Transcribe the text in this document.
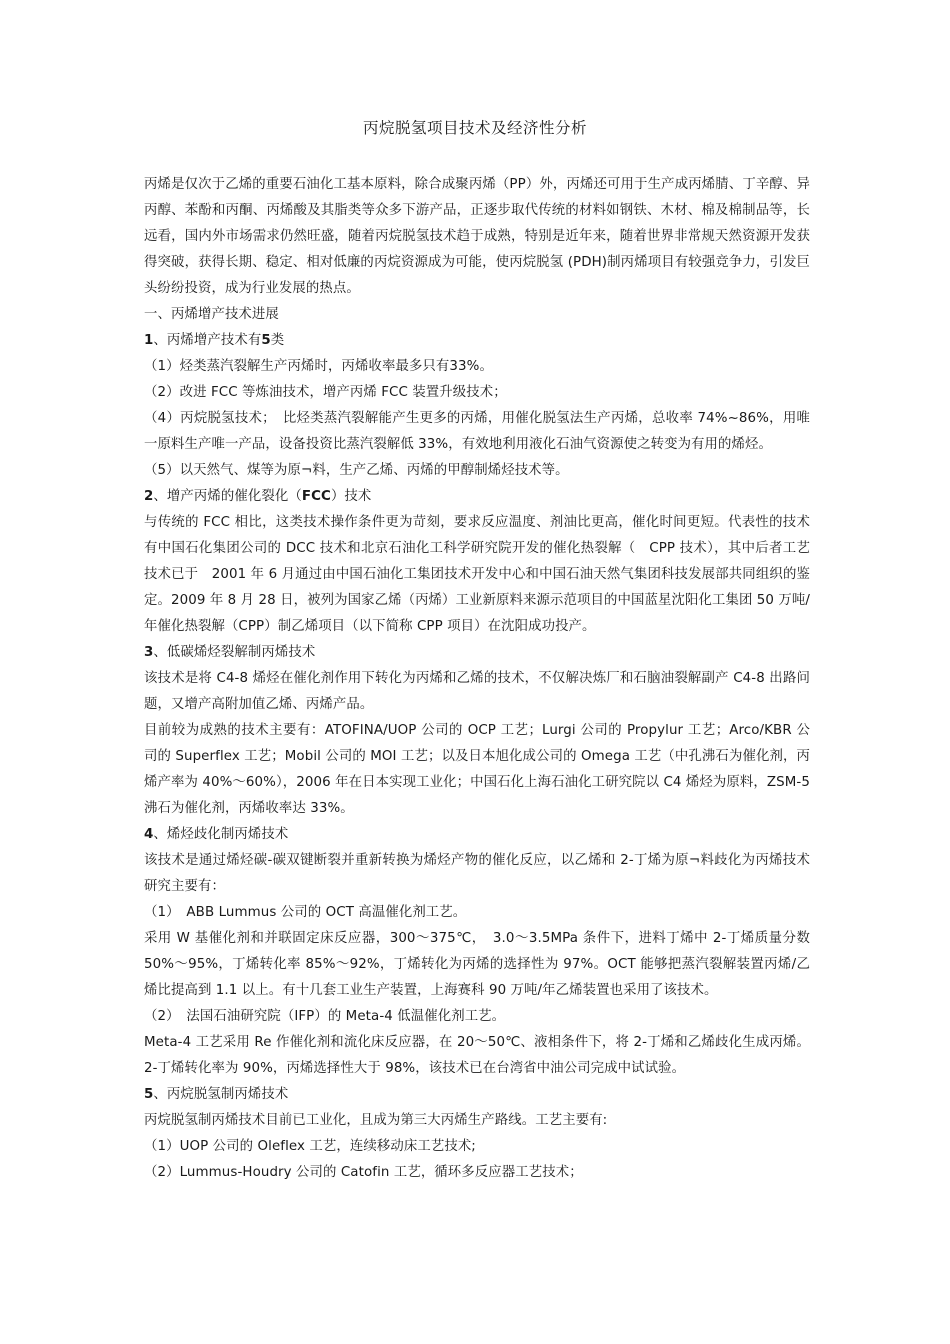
丙烷脱氢项目技术及经济性分析

丙烯是仅次于乙烯的重要石油化工基本原料，除合成聚丙烯（PP）外，丙烯还可用于生产成丙烯腈、丁辛醇、异丙醇、苯酚和丙酮、丙烯酸及其脂类等众多下游产品，正逐步取代传统的材料如钢铁、木材、棉及棉制品等，长远看，国内外市场需求仍然旺盛，随着丙烷脱氢技术趋于成熟，特别是近年来，随着世界非常规天然资源开发获得突破，获得长期、稳定、相对低廉的丙烷资源成为可能，使丙烷脱氢 (PDH)制丙烯项目有较强竞争力，引发巨头纷纷投资，成为行业发展的热点。

一、丙烯增产技术进展

1、丙烯增产技术有5类

（1）烃类蒸汽裂解生产丙烯时，丙烯收率最多只有33%。

（2）改进 FCC 等炼油技术，增产丙烯 FCC 装置升级技术；

（4）丙烷脱氢技术；　比烃类蒸汽裂解能产生更多的丙烯，用催化脱氢法生产丙烯，总收率 74%~86%，用唯一原料生产唯一产品，设备投资比蒸汽裂解低 33%，有效地利用液化石油气资源使之转变为有用的烯烃。

（5）以天然气、煤等为原¬料，生产乙烯、丙烯的甲醇制烯烃技术等。

2、增产丙烯的催化裂化（FCC）技术

与传统的 FCC 相比，这类技术操作条件更为苛刻，要求反应温度、剂油比更高，催化时间更短。代表性的技术有中国石化集团公司的 DCC 技术和北京石油化工科学研究院开发的催化热裂解（　CPP 技术），其中后者工艺技术已于　2001 年 6 月通过由中国石油化工集团技术开发中心和中国石油天然气集团科技发展部共同组织的鉴定。2009 年 8 月 28 日，被列为国家乙烯（丙烯）工业新原料来源示范项目的中国蓝星沈阳化工集团 50 万吨/年催化热裂解（CPP）制乙烯项目（以下简称 CPP 项目）在沈阳成功投产。

3、低碳烯烃裂解制丙烯技术

该技术是将 C4-8 烯烃在催化剂作用下转化为丙烯和乙烯的技术，不仅解决炼厂和石脑油裂解副产 C4-8 出路问题，又增产高附加值乙烯、丙烯产品。

目前较为成熟的技术主要有：ATOFINA/UOP 公司的 OCP 工艺；Lurgi 公司的 Propylur 工艺；Arco/KBR 公司的 Superflex 工艺；Mobil 公司的 MOI 工艺；以及日本旭化成公司的 Omega 工艺（中孔沸石为催化剂，丙烯产率为 40%～60%），2006 年在日本实现工业化；中国石化上海石油化工研究院以 C4 烯烃为原料，ZSM-5 沸石为催化剂，丙烯收率达 33%。

4、烯烃歧化制丙烯技术

该技术是通过烯烃碳-碳双键断裂并重新转换为烯烃产物的催化反应，以乙烯和 2-丁烯为原¬料歧化为丙烯技术研究主要有：

（1）　ABB Lummus 公司的 OCT 高温催化剂工艺。

采用 W 基催化剂和并联固定床反应器，300～375℃，　3.0～3.5MPa 条件下，进料丁烯中 2-丁烯质量分数 50%～95%，丁烯转化率 85%～92%，丁烯转化为丙烯的选择性为 97%。OCT 能够把蒸汽裂解装置丙烯/乙烯比提高到 1.1 以上。有十几套工业生产装置，上海赛科 90 万吨/年乙烯装置也采用了该技术。

（2）　法国石油研究院（IFP）的 Meta-4 低温催化剂工艺。

Meta-4 工艺采用 Re 作催化剂和流化床反应器，在 20～50℃、液相条件下，将 2-丁烯和乙烯歧化生成丙烯。2-丁烯转化率为 90%，丙烯选择性大于 98%，该技术已在台湾省中油公司完成中试试验。

5、丙烷脱氢制丙烯技术

丙烷脱氢制丙烯技术目前已工业化，且成为第三大丙烯生产路线。工艺主要有:

（1）UOP 公司的 Oleflex 工艺，连续移动床工艺技术;

（2）Lummus-Houdry 公司的 Catofin 工艺，循环多反应器工艺技术；
